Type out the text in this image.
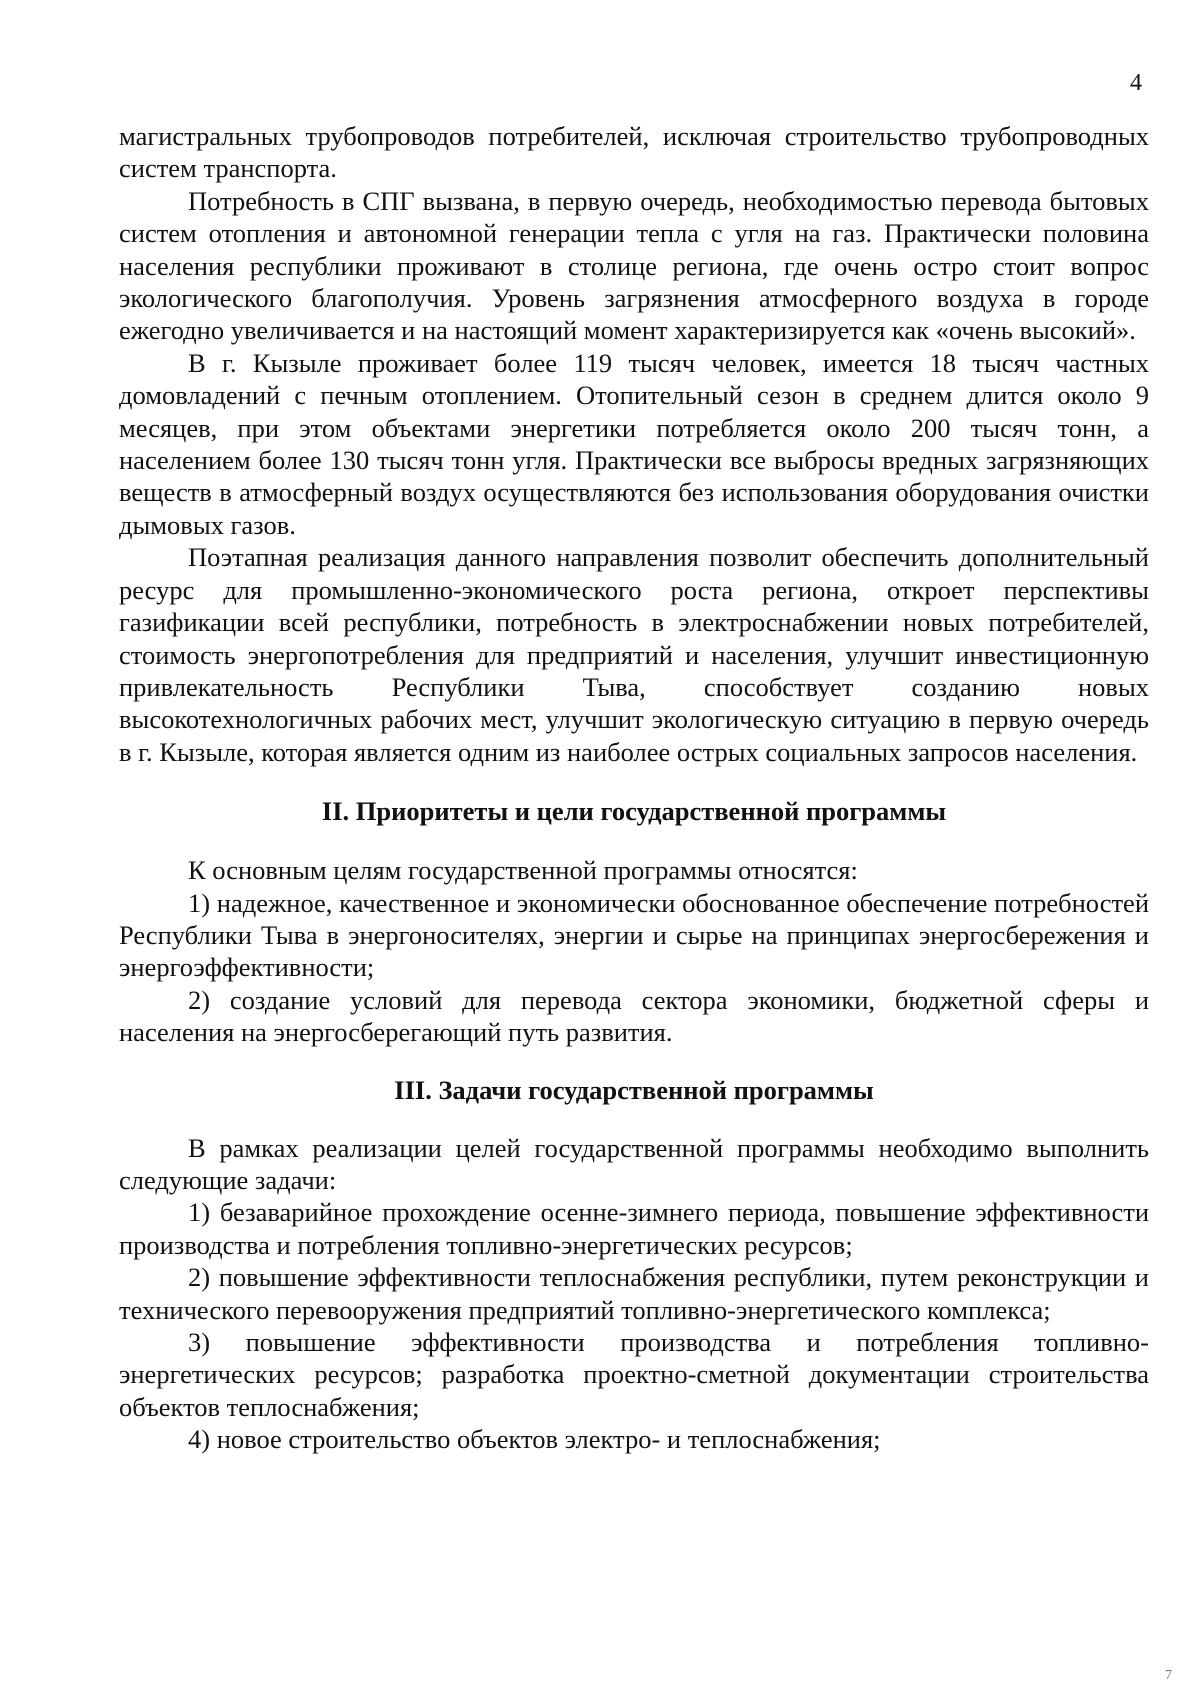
4

магистральных трубопроводов потребителей, исключая строительство трубопроводных систем транспорта.

Потребность в СПГ вызвана, в первую очередь, необходимостью перевода бытовых систем отопления и автономной генерации тепла с угля на газ. Практически половина населения республики проживают в столице региона, где очень остро стоит вопрос экологического благополучия. Уровень загрязнения атмосферного воздуха в городе ежегодно увеличивается и на настоящий момент характеризируется как «очень высокий».

В г. Кызыле проживает более 119 тысяч человек, имеется 18 тысяч частных домовладений с печным отоплением. Отопительный сезон в среднем длится около 9 месяцев, при этом объектами энергетики потребляется около 200 тысяч тонн, а населением более 130 тысяч тонн угля. Практически все выбросы вредных загрязняющих веществ в атмосферный воздух осуществляются без использования оборудования очистки дымовых газов.

Поэтапная реализация данного направления позволит обеспечить дополнительный ресурс для промышленно-экономического роста региона, откроет перспективы газификации всей республики, потребность в электроснабжении новых потребителей, стоимость энергопотребления для предприятий и населения, улучшит инвестиционную привлекательность Республики Тыва, способствует созданию новых высокотехнологичных рабочих мест, улучшит экологическую ситуацию в первую очередь в г. Кызыле, которая является одним из наиболее острых социальных запросов населения.

II. Приоритеты и цели государственной программы

К основным целям государственной программы относятся:

1) надежное, качественное и экономически обоснованное обеспечение потребностей Республики Тыва в энергоносителях, энергии и сырье на принципах энергосбережения и энергоэффективности;

2) создание условий для перевода сектора экономики, бюджетной сферы и населения на энергосберегающий путь развития.

III. Задачи государственной программы

В рамках реализации целей государственной программы необходимо выполнить следующие задачи:

1) безаварийное прохождение осенне-зимнего периода, повышение эффективности производства и потребления топливно-энергетических ресурсов;

2) повышение эффективности теплоснабжения республики, путем реконструкции и технического перевооружения предприятий топливно-энергетического комплекса;

3) повышение эффективности производства и потребления топливно-энергетических ресурсов; разработка проектно-сметной документации строительства объектов теплоснабжения;

4) новое строительство объектов электро- и теплоснабжения;

7
